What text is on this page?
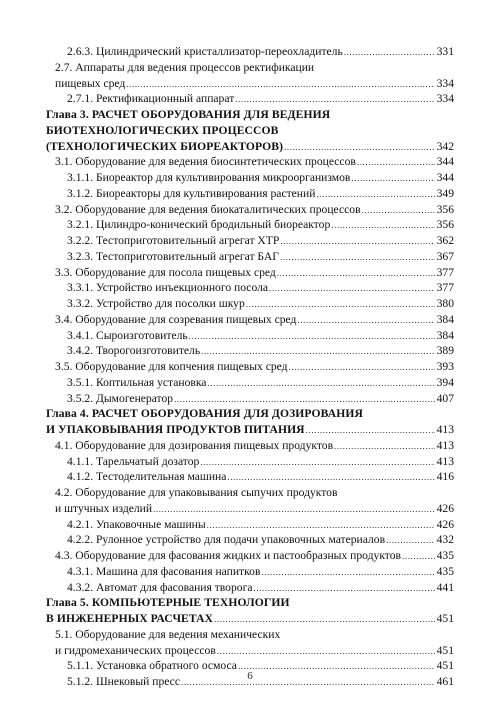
2.6.3. Цилиндрический кристаллизатор-переохладитель .....	331
2.7. Аппараты для ведения процессов ректификации
пищевых сред .....	334
2.7.1. Ректификационный аппарат .....	334
Глава 3. РАСЧЕТ ОБОРУДОВАНИЯ ДЛЯ ВЕДЕНИЯ
БИОТЕХНОЛОГИЧЕСКИХ ПРОЦЕССОВ
(ТЕХНОЛОГИЧЕСКИХ БИОРЕАКТОРОВ) .....	342
3.1. Оборудование для ведения биосинтетических процессов .....	344
3.1.1. Биореактор для культивирования микроорганизмов .....	344
3.1.2. Биореакторы для культивирования растений .....	349
3.2. Оборудование для ведения биокаталитических процессов .....	356
3.2.1. Цилиндро-конический бродильный биореактор .....	356
3.2.2. Тестоприготовительный агрегат ХТР .....	362
3.2.3. Тестоприготовительный агрегат БАГ .....	367
3.3. Оборудование для посола пищевых сред .....	377
3.3.1. Устройство инъекционного посола .....	377
3.3.2. Устройство для посолки шкур .....	380
3.4. Оборудование для созревания пищевых сред .....	384
3.4.1. Сыроизготовитель .....	384
3.4.2. Творогоизготовитель .....	389
3.5. Оборудование для копчения пищевых сред .....	393
3.5.1. Коптильная установка .....	394
3.5.2. Дымогенератор .....	407
Глава 4. РАСЧЕТ ОБОРУДОВАНИЯ ДЛЯ ДОЗИРОВАНИЯ
И УПАКОВЫВАНИЯ ПРОДУКТОВ ПИТАНИЯ .....	413
4.1. Оборудование для дозирования пищевых продуктов .....	413
4.1.1. Тарельчатый дозатор .....	413
4.1.2. Тестоделительная машина .....	416
4.2. Оборудование для упаковывания сыпучих продуктов
и штучных изделий .....	426
4.2.1. Упаковочные машины .....	426
4.2.2. Рулонное устройство для подачи упаковочных материалов .....	432
4.3. Оборудование для фасования жидких и пастообразных продуктов .....	435
4.3.1. Машина для фасования напитков .....	435
4.3.2. Автомат для фасования творога .....	441
Глава 5. КОМПЬЮТЕРНЫЕ ТЕХНОЛОГИИ
В ИНЖЕНЕРНЫХ РАСЧЕТАХ .....	451
5.1. Оборудование для ведения механических
и гидромеханических процессов .....	451
5.1.1. Установка обратного осмоса .....	451
5.1.2. Шнековый пресс .....	461
6
